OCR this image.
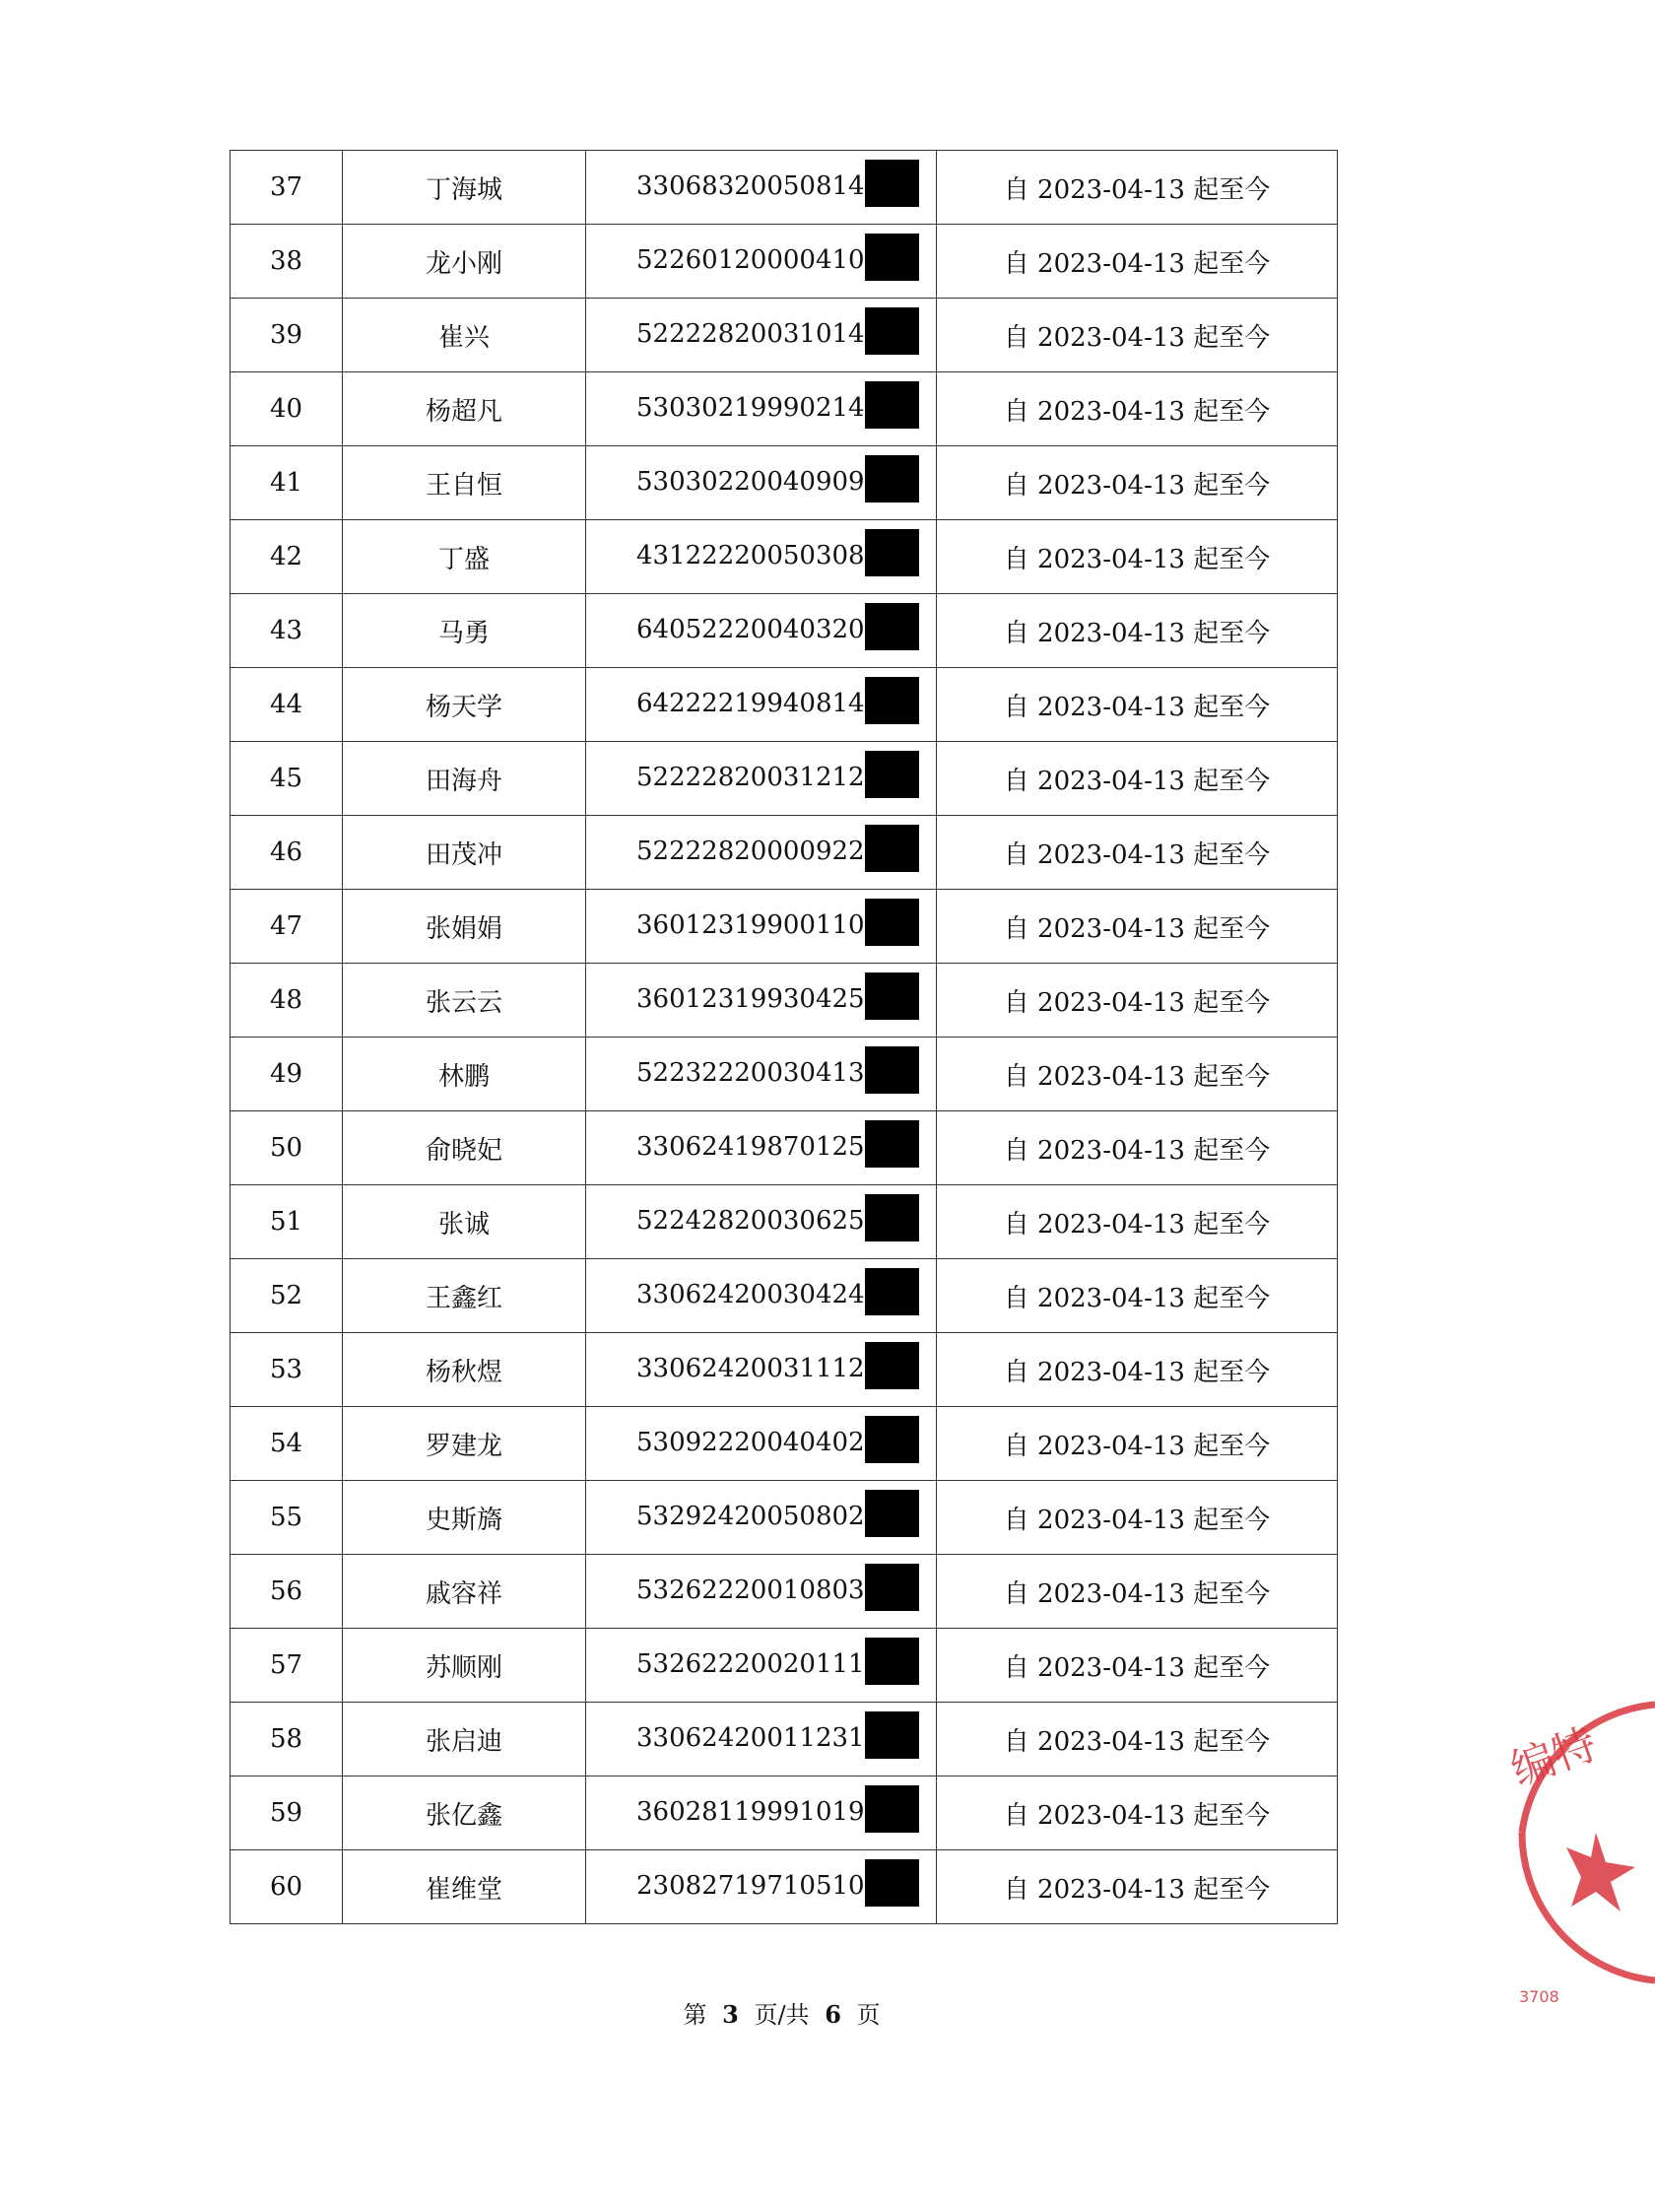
37	丁海城	33068320050814	自 2023-04-13 起至今
38	龙小刚	52260120000410	自 2023-04-13 起至今
39	崔兴	52222820031014	自 2023-04-13 起至今
40	杨超凡	53030219990214	自 2023-04-13 起至今
41	王自恒	53030220040909	自 2023-04-13 起至今
42	丁盛	43122220050308	自 2023-04-13 起至今
43	马勇	64052220040320	自 2023-04-13 起至今
44	杨天学	64222219940814	自 2023-04-13 起至今
45	田海舟	52222820031212	自 2023-04-13 起至今
46	田茂冲	52222820000922	自 2023-04-13 起至今
47	张娟娟	36012319900110	自 2023-04-13 起至今
48	张云云	36012319930425	自 2023-04-13 起至今
49	林鹏	52232220030413	自 2023-04-13 起至今
50	俞晓妃	33062419870125	自 2023-04-13 起至今
51	张诚	52242820030625	自 2023-04-13 起至今
52	王鑫红	33062420030424	自 2023-04-13 起至今
53	杨秋煜	33062420031112	自 2023-04-13 起至今
54	罗建龙	53092220040402	自 2023-04-13 起至今
55	史斯旖	53292420050802	自 2023-04-13 起至今
56	戚容祥	53262220010803	自 2023-04-13 起至今
57	苏顺刚	53262220020111	自 2023-04-13 起至今
58	张启迪	33062420011231	自 2023-04-13 起至今
59	张亿鑫	36028119991019	自 2023-04-13 起至今
60	崔维堂	23082719710510	自 2023-04-13 起至今
第 3 页/共 6 页
编特
3708
